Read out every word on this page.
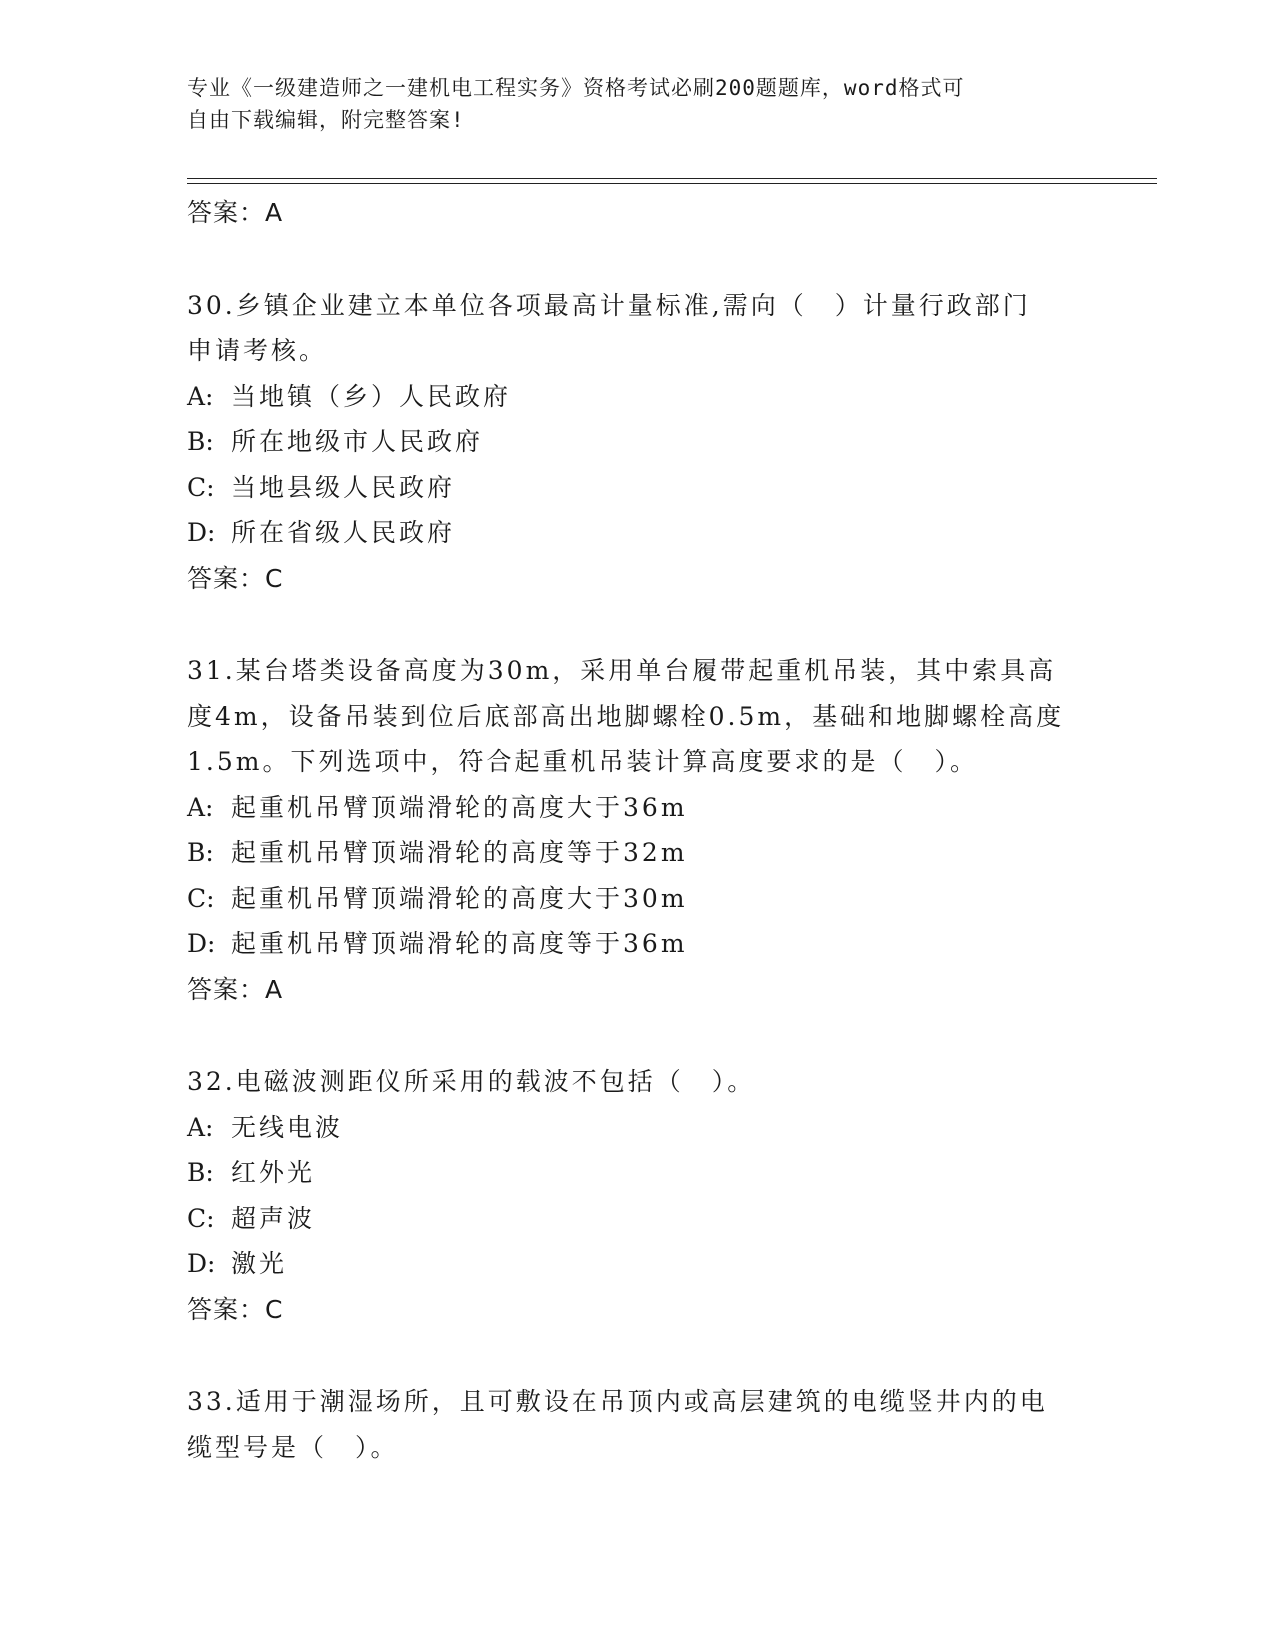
专业《一级建造师之一建机电工程实务》资格考试必刷200题题库，word格式可
自由下载编辑，附完整答案!
答案：A
30.乡镇企业建立本单位各项最高计量标准,需向（　）计量行政部门
申请考核。
A: 当地镇（乡）人民政府
B: 所在地级市人民政府
C: 当地县级人民政府
D: 所在省级人民政府
答案：C
31.某台塔类设备高度为30m，采用单台履带起重机吊装，其中索具高
度4m，设备吊装到位后底部高出地脚螺栓0.5m，基础和地脚螺栓高度
1.5m。下列选项中，符合起重机吊装计算高度要求的是（　）。
A: 起重机吊臂顶端滑轮的高度大于36m
B: 起重机吊臂顶端滑轮的高度等于32m
C: 起重机吊臂顶端滑轮的高度大于30m
D: 起重机吊臂顶端滑轮的高度等于36m
答案：A
32.电磁波测距仪所采用的载波不包括（　）。
A: 无线电波
B: 红外光
C: 超声波
D: 激光
答案：C
33.适用于潮湿场所，且可敷设在吊顶内或高层建筑的电缆竖井内的电
缆型号是（　）。
